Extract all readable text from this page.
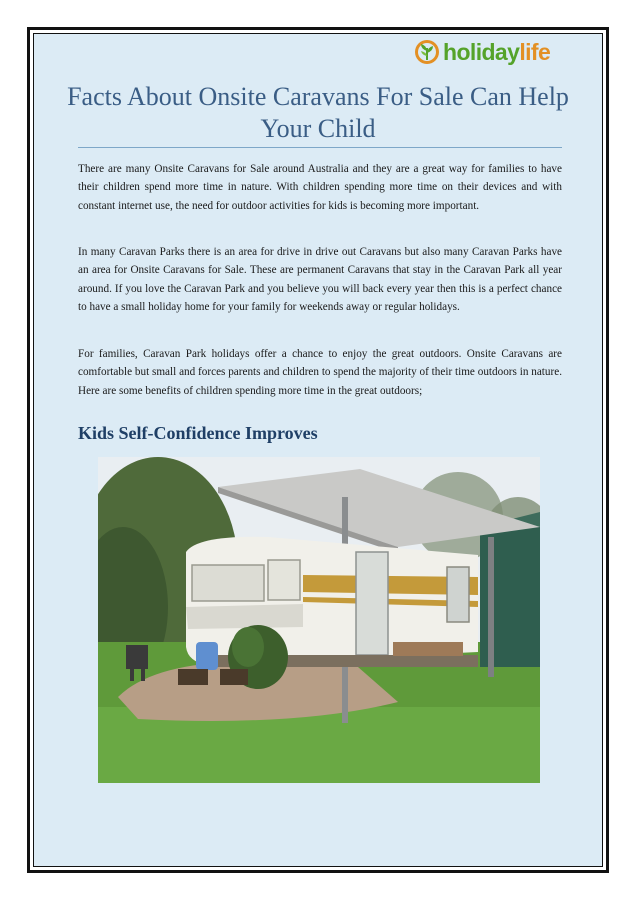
holidaylife
Facts About Onsite Caravans For Sale Can Help Your Child

There are many Onsite Caravans for Sale around Australia and they are a great way for families to have their children spend more time in nature. With children spending more time on their devices and with constant internet use, the need for outdoor activities for kids is becoming more important.

In many Caravan Parks there is an area for drive in drive out Caravans but also many Caravan Parks have an area for Onsite Caravans for Sale. These are permanent Caravans that stay in the Caravan Park all year around. If you love the Caravan Park and you believe you will back every year then this is a perfect chance to have a small holiday home for your family for weekends away or regular holidays.

For families, Caravan Park holidays offer a chance to enjoy the great outdoors. Onsite Caravans are comfortable but small and forces parents and children to spend the majority of their time outdoors in nature. Here are some benefits of children spending more time in the great outdoors;

Kids Self-Confidence Improves
